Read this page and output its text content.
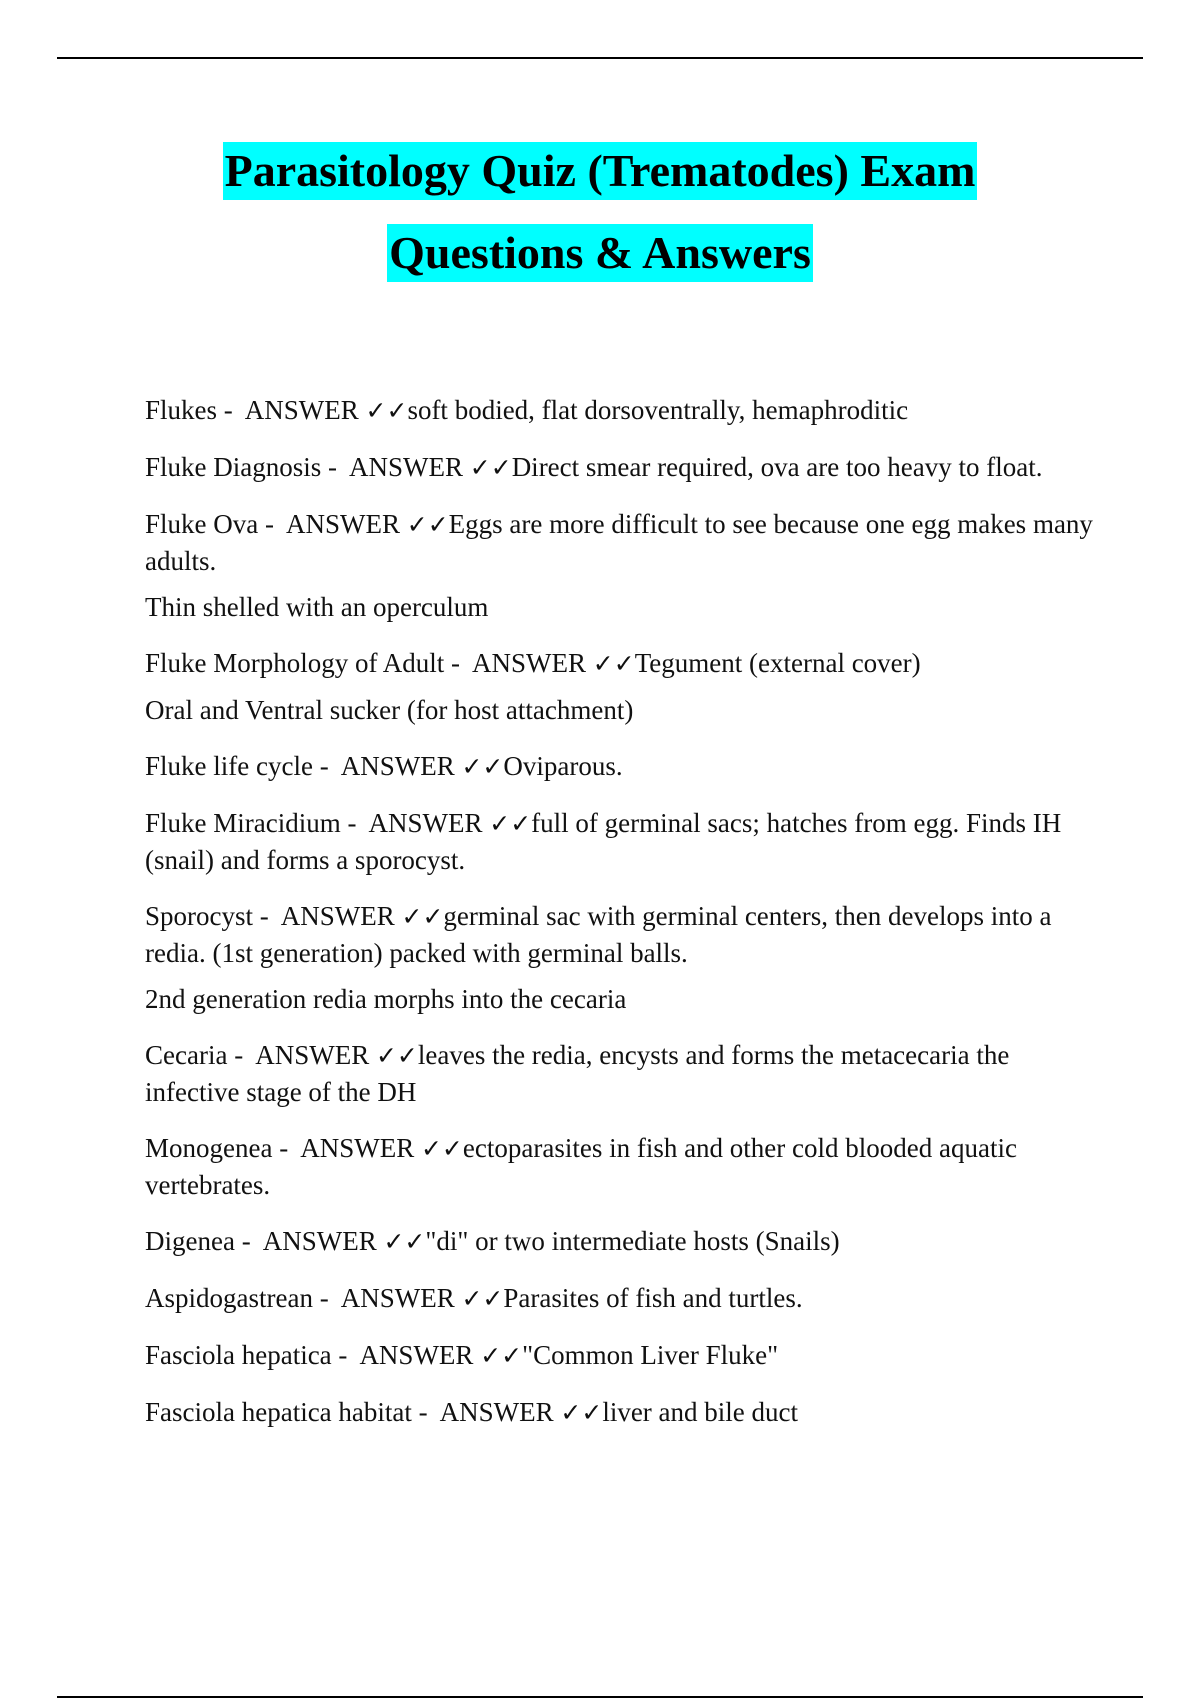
Parasitology Quiz (Trematodes) Exam
Questions & Answers

Flukes -  ANSWER ✓✓soft bodied, flat dorsoventrally, hemaphroditic

Fluke Diagnosis -  ANSWER ✓✓Direct smear required, ova are too heavy to float.

Fluke Ova -  ANSWER ✓✓Eggs are more difficult to see because one egg makes many adults.

Thin shelled with an operculum

Fluke Morphology of Adult -  ANSWER ✓✓Tegument (external cover)

Oral and Ventral sucker (for host attachment)

Fluke life cycle -  ANSWER ✓✓Oviparous.

Fluke Miracidium -  ANSWER ✓✓full of germinal sacs; hatches from egg. Finds IH (snail) and forms a sporocyst.

Sporocyst -  ANSWER ✓✓germinal sac with germinal centers, then develops into a redia. (1st generation) packed with germinal balls.

2nd generation redia morphs into the cecaria

Cecaria -  ANSWER ✓✓leaves the redia, encysts and forms the metacecaria the infective stage of the DH

Monogenea -  ANSWER ✓✓ectoparasites in fish and other cold blooded aquatic vertebrates.

Digenea -  ANSWER ✓✓"di" or two intermediate hosts (Snails)

Aspidogastrean -  ANSWER ✓✓Parasites of fish and turtles.

Fasciola hepatica -  ANSWER ✓✓"Common Liver Fluke"

Fasciola hepatica habitat -  ANSWER ✓✓liver and bile duct
